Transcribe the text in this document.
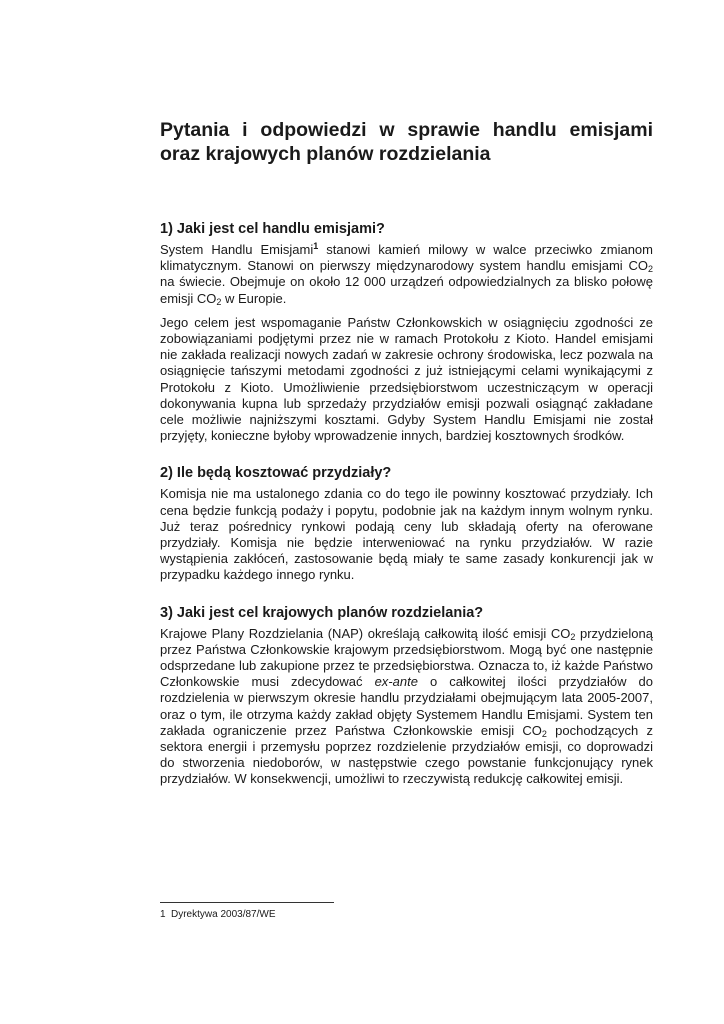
Pytania i odpowiedzi w sprawie handlu emisjami
oraz krajowych planów rozdzielania
1) Jaki jest cel handlu emisjami?

System Handlu Emisjami$^1$ stanowi kamień milowy w walce przeciwko zmianom klimatycznym. Stanowi on pierwszy międzynarodowy system handlu emisjami $CO_2$ na świecie. Obejmuje on około 12 000 urządzeń odpowiedzialnych za blisko połowę emisji $CO_2$ w Europie.

Jego celem jest wspomaganie Państw Członkowskich w osiągnięciu zgodności ze zobowiązaniami podjętymi przez nie w ramach Protokołu z Kioto. Handel emisjami nie zakłada realizacji nowych zadań w zakresie ochrony środowiska, lecz pozwala na osiągnięcie tańszymi metodami zgodności z już istniejącymi celami wynikającymi z Protokołu z Kioto. Umożliwienie przedsiębiorstwom uczestniczącym w operacji dokonywania kupna lub sprzedaży przydziałów emisji pozwali osiągnąć zakładane cele możliwie najniższymi kosztami. Gdyby System Handlu Emisjami nie został przyjęty, konieczne byłoby wprowadzenie innych, bardziej kosztownych środków.

2) Ile będą kosztować przydziały?

Komisja nie ma ustalonego zdania co do tego ile powinny kosztować przydziały. Ich cena będzie funkcją podaży i popytu, podobnie jak na każdym innym wolnym rynku. Już teraz pośrednicy rynkowi podają ceny lub składają oferty na oferowane przydziały. Komisja nie będzie interweniować na rynku przydziałów. W razie wystąpienia zakłóceń, zastosowanie będą miały te same zasady konkurencji jak w przypadku każdego innego rynku.

3) Jaki jest cel krajowych planów rozdzielania?

Krajowe Plany Rozdzielania (NAP) określają całkowitą ilość emisji $CO_2$ przydzieloną przez Państwa Członkowskie krajowym przedsiębiorstwom. Mogą być one następnie odsprzedane lub zakupione przez te przedsiębiorstwa. Oznacza to, iż każde Państwo Członkowskie musi zdecydować ex-ante o całkowitej ilości przydziałów do rozdzielenia w pierwszym okresie handlu przydziałami obejmującym lata 2005-2007, oraz o tym, ile otrzyma każdy zakład objęty Systemem Handlu Emisjami. System ten zakłada ograniczenie przez Państwa Członkowskie emisji $CO_2$ pochodzących z sektora energii i przemysłu poprzez rozdzielenie przydziałów emisji, co doprowadzi do stworzenia niedoborów, w następstwie czego powstanie funkcjonujący rynek przydziałów. W konsekwencji, umożliwi to rzeczywistą redukcję całkowitej emisji.

1 Dyrektywa 2003/87/WE
